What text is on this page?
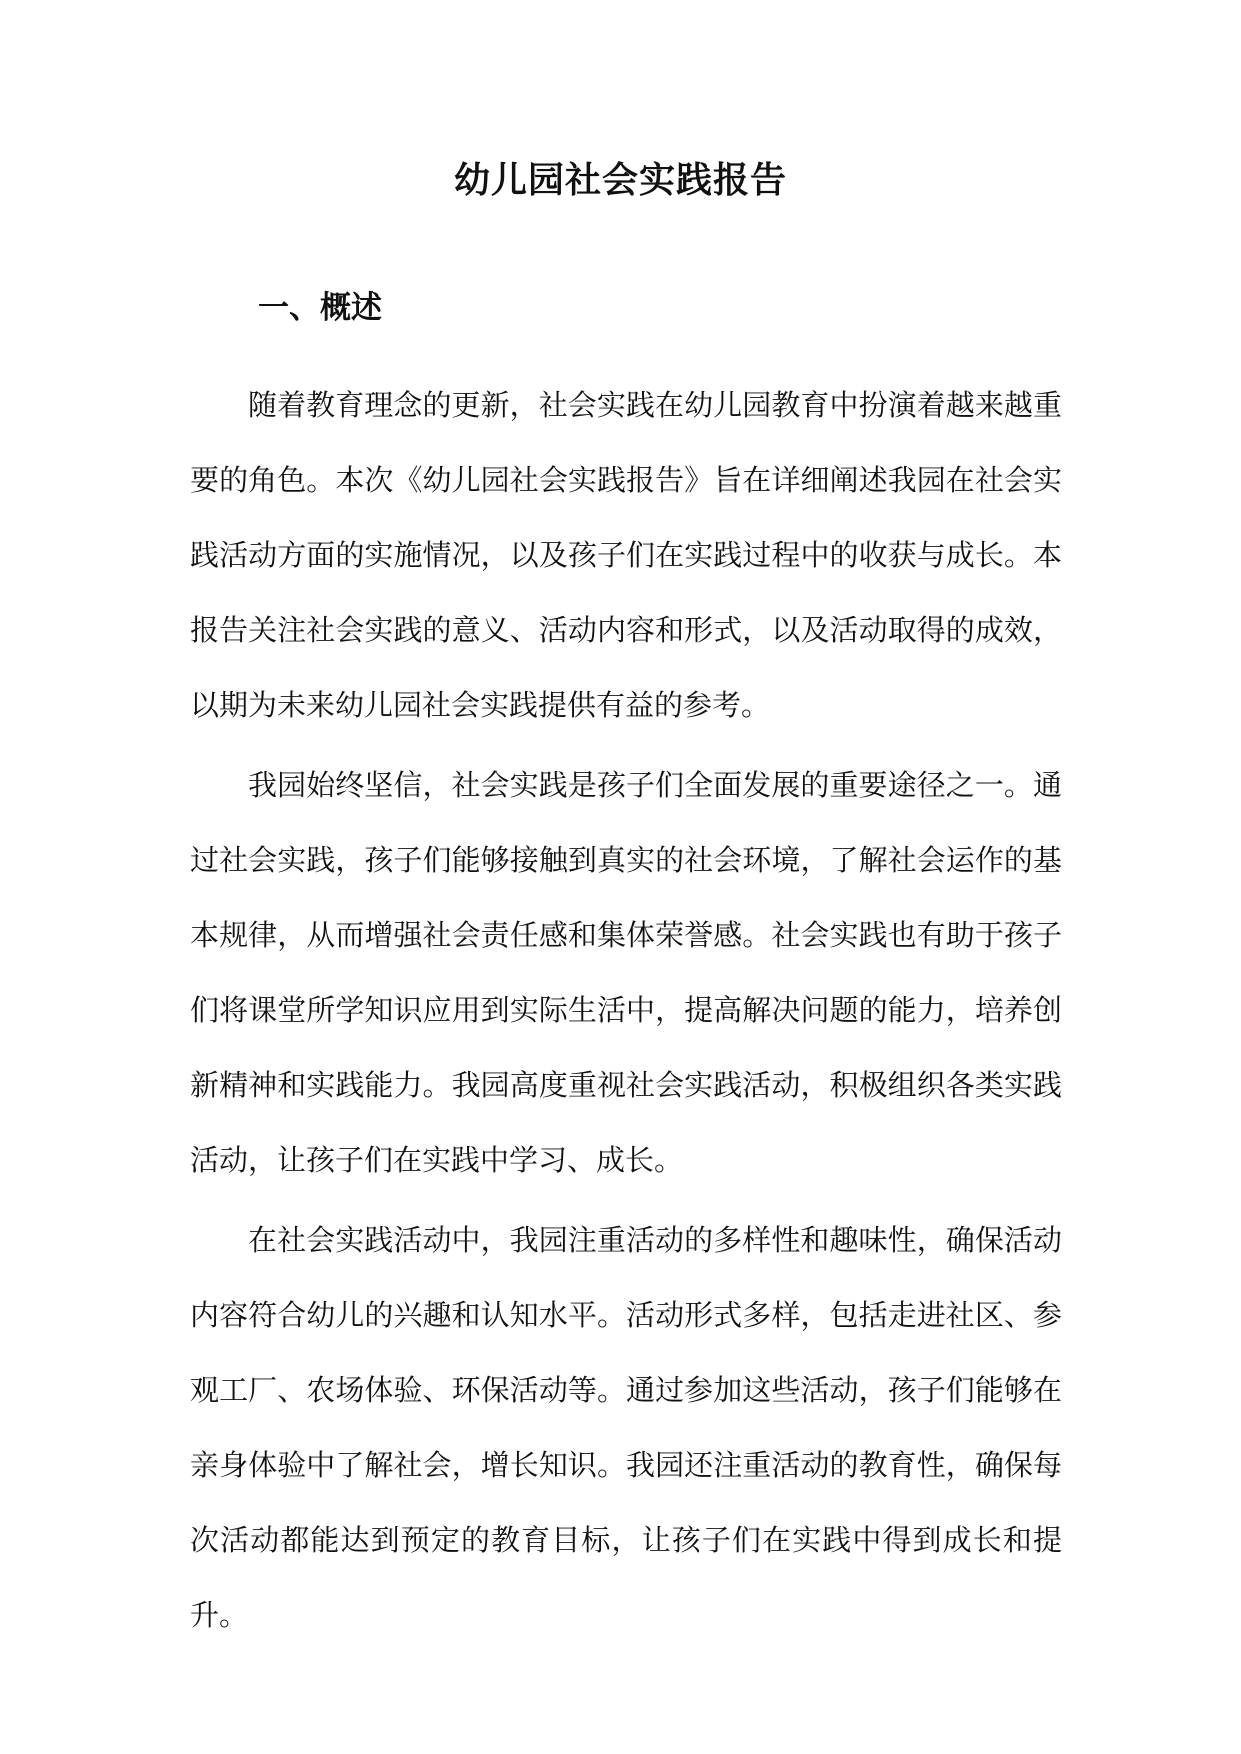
幼儿园社会实践报告
一、概述

随着教育理念的更新，社会实践在幼儿园教育中扮演着越来越重要的角色。本次《幼儿园社会实践报告》旨在详细阐述我园在社会实践活动方面的实施情况，以及孩子们在实践过程中的收获与成长。本报告关注社会实践的意义、活动内容和形式，以及活动取得的成效，以期为未来幼儿园社会实践提供有益的参考。

我园始终坚信，社会实践是孩子们全面发展的重要途径之一。通过社会实践，孩子们能够接触到真实的社会环境，了解社会运作的基本规律，从而增强社会责任感和集体荣誉感。社会实践也有助于孩子们将课堂所学知识应用到实际生活中，提高解决问题的能力，培养创新精神和实践能力。我园高度重视社会实践活动，积极组织各类实践活动，让孩子们在实践中学习、成长。

在社会实践活动中，我园注重活动的多样性和趣味性，确保活动内容符合幼儿的兴趣和认知水平。活动形式多样，包括走进社区、参观工厂、农场体验、环保活动等。通过参加这些活动，孩子们能够在亲身体验中了解社会，增长知识。我园还注重活动的教育性，确保每次活动都能达到预定的教育目标，让孩子们在实践中得到成长和提升。
